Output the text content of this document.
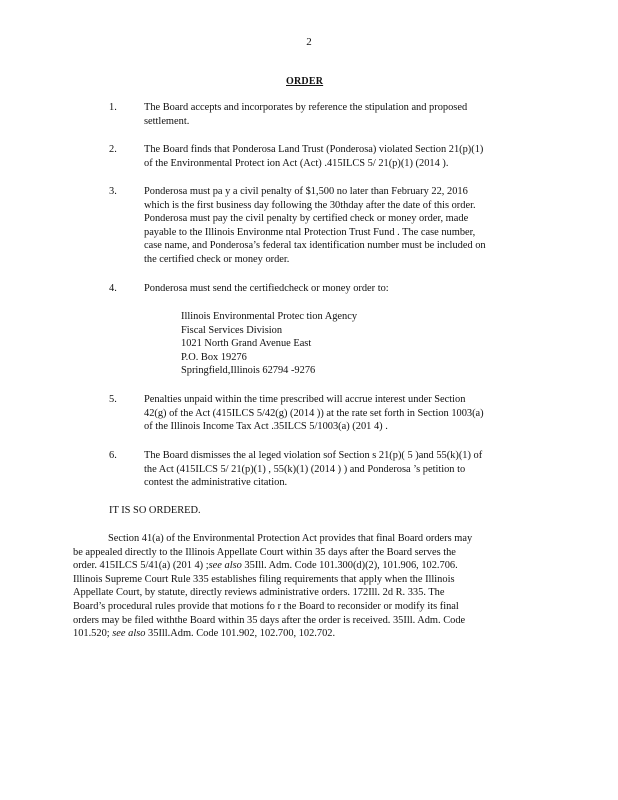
2
ORDER
1.	The Board accepts and incorporates by reference the stipulation and proposed
settlement.
2.	The Board finds that Ponderosa Land Trust (Ponderosa) violated Section 21(p)(1)
of the Environmental Protect ion Act (Act) .415ILCS 5/ 21(p)(1) (2014 ).
3.	Ponderosa must pa y a civil penalty of $1,500 no later than February 22, 2016
which is the first business day following the 30thday after the date of this order.
Ponderosa must pay the civil penalty by certified check or money order, made
payable to the Illinois Environme ntal Protection Trust Fund . The case number,
case name, and Ponderosa’s federal tax identification number must be included on
the certified check or money order.
4.	Ponderosa must send the certifiedcheck or money order to:
Illinois Environmental Protec tion Agency
Fiscal Services Division
1021 North Grand Avenue East
P.O. Box 19276
Springfield,Illinois 62794 -9276
5.	Penalties unpaid within the time prescribed will accrue interest under Section
42(g) of the Act (415ILCS 5/42(g) (2014 )) at the rate set forth in Section 1003(a)
of the Illinois Income Tax Act .35ILCS 5/1003(a) (201 4) .
6.	The Board dismisses the al leged violation sof Section s 21(p)( 5 )and 55(k)(1) of
the Act (415ILCS 5/ 21(p)(1) , 55(k)(1) (2014 ) ) and Ponderosa ’s petition to
contest the administrative citation.
IT IS SO ORDERED.
Section 41(a) of the Environmental Protection Act provides that final Board orders may
be appealed directly to the Illinois Appellate Court within 35 days after the Board serves the
order. 415ILCS 5/41(a) (201 4) ;see also 35Ill. Adm. Code 101.300(d)(2), 101.906, 102.706.
Illinois Supreme Court Rule 335 establishes filing requirements that apply when the Illinois
Appellate Court, by statute, directly reviews administrative orders. 172Ill. 2d R. 335. The
Board’s procedural rules provide that motions fo r the Board to reconsider or modify its final
orders may be filed withthe Board within 35 days after the order is received. 35Ill. Adm. Code
101.520; see also 35Ill.Adm. Code 101.902, 102.700, 102.702.
